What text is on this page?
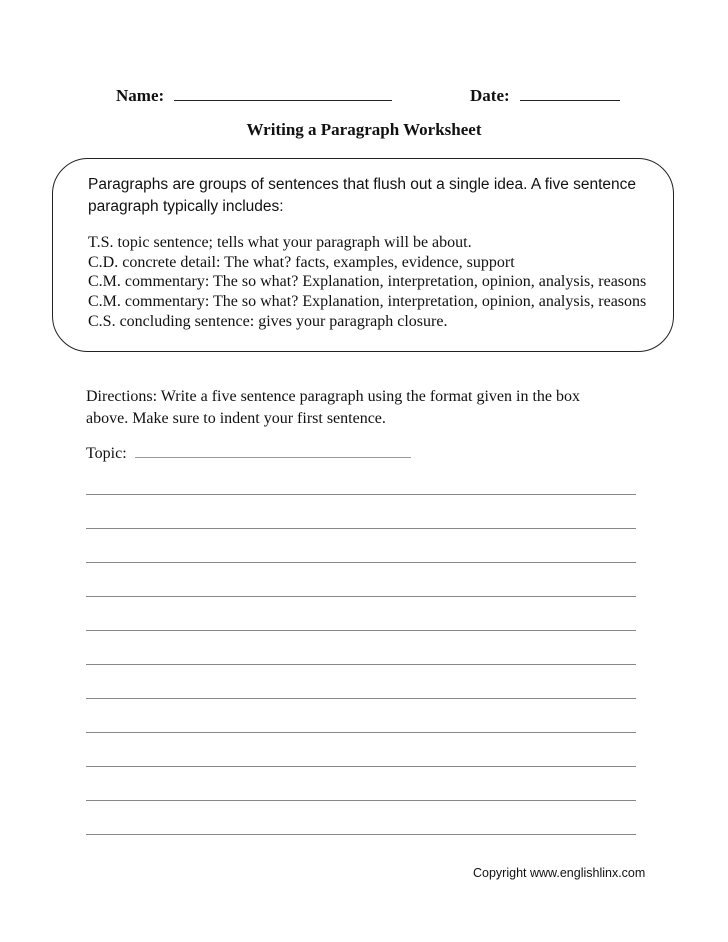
Name:	Date:
Writing a Paragraph Worksheet
Paragraphs are groups of sentences that flush out a single idea. A five sentence paragraph typically includes:
T.S. topic sentence; tells what your paragraph will be about.
C.D. concrete detail: The what? facts, examples, evidence, support
C.M. commentary: The so what? Explanation, interpretation, opinion, analysis, reasons
C.M. commentary: The so what? Explanation, interpretation, opinion, analysis, reasons
C.S. concluding sentence: gives your paragraph closure.
Directions: Write a five sentence paragraph using the format given in the box above. Make sure to indent your first sentence.
Topic:
Copyright www.englishlinx.com
